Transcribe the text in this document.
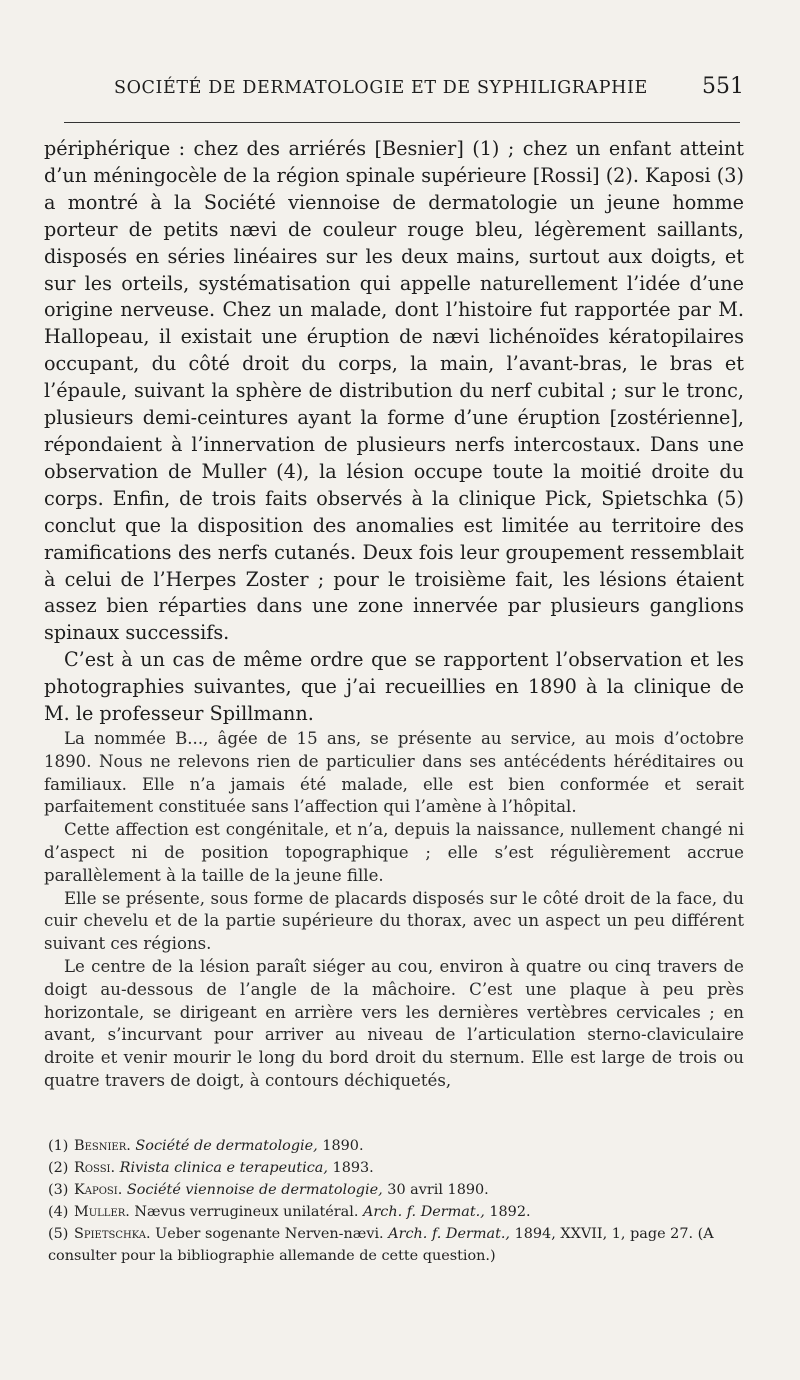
SOCIÉTÉ DE DERMATOLOGIE ET DE SYPHILIGRAPHIE 551

périphérique : chez des arriérés [Besnier] (1) ; chez un enfant atteint d’un méningocèle de la région spinale supérieure [Rossi] (2). Kaposi (3) a montré à la Société viennoise de dermatologie un jeune homme porteur de petits nævi de couleur rouge bleu, légèrement saillants, disposés en séries linéaires sur les deux mains, surtout aux doigts, et sur les orteils, systématisation qui appelle naturellement l’idée d’une origine nerveuse. Chez un malade, dont l’histoire fut rapportée par M. Hallopeau, il existait une éruption de nævi lichénoïdes kératopilaires occupant, du côté droit du corps, la main, l’avant-bras, le bras et l’épaule, suivant la sphère de distribution du nerf cubital ; sur le tronc, plusieurs demi-ceintures ayant la forme d’une éruption [zostérienne], répondaient à l’innervation de plusieurs nerfs intercostaux. Dans une observation de Muller (4), la lésion occupe toute la moitié droite du corps. Enfin, de trois faits observés à la clinique Pick, Spietschka (5) conclut que la disposition des anomalies est limitée au territoire des ramifications des nerfs cutanés. Deux fois leur groupement ressemblait à celui de l’Herpes Zoster ; pour le troisième fait, les lésions étaient assez bien réparties dans une zone innervée par plusieurs ganglions spinaux successifs.

C’est à un cas de même ordre que se rapportent l’observation et les photographies suivantes, que j’ai recueillies en 1890 à la clinique de M. le professeur Spillmann.

La nommée B..., âgée de 15 ans, se présente au service, au mois d’octobre 1890. Nous ne relevons rien de particulier dans ses antécédents héréditaires ou familiaux. Elle n’a jamais été malade, elle est bien conformée et serait parfaitement constituée sans l’affection qui l’amène à l’hôpital.

Cette affection est congénitale, et n’a, depuis la naissance, nullement changé ni d’aspect ni de position topographique ; elle s’est régulièrement accrue parallèlement à la taille de la jeune fille.

Elle se présente, sous forme de placards disposés sur le côté droit de la face, du cuir chevelu et de la partie supérieure du thorax, avec un aspect un peu différent suivant ces régions.

Le centre de la lésion paraît siéger au cou, environ à quatre ou cinq travers de doigt au-dessous de l’angle de la mâchoire. C’est une plaque à peu près horizontale, se dirigeant en arrière vers les dernières vertèbres cervicales ; en avant, s’incurvant pour arriver au niveau de l’articulation sterno-claviculaire droite et venir mourir le long du bord droit du sternum. Elle est large de trois ou quatre travers de doigt, à contours déchiquetés,

(1) Besnier. Société de dermatologie, 1890.

(2) Rossi. Rivista clinica e terapeutica, 1893.

(3) Kaposi. Société viennoise de dermatologie, 30 avril 1890.

(4) Muller. Nævus verrugineux unilatéral. Arch. f. Dermat., 1892.

(5) Spietschka. Ueber sogenante Nerven-nævi. Arch. f. Dermat., 1894, XXVII, 1, page 27. (A consulter pour la bibliographie allemande de cette question.)
